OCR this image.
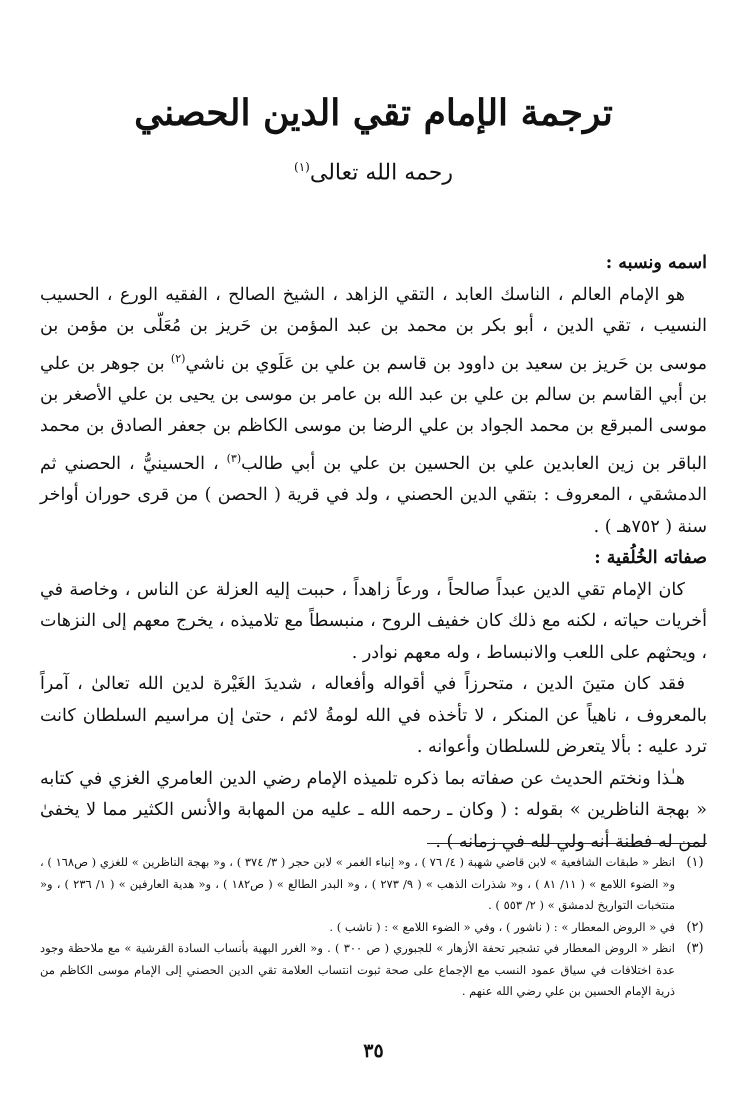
ترجمة الإمام تقي الدين الحصني
رحمه الله تعالى$^{(١)}$
اسمه ونسبه :

هو الإمام العالم ، الناسك العابد ، التقي الزاهد ، الشيخ الصالح ، الفقيه الورع ، الحسيب النسيب ، تقي الدين ، أبو بكر بن محمد بن عبد المؤمن بن حَريز بن مُعَلّى بن مؤمن بن موسى بن حَريز بن سعيد بن داوود بن قاسم بن علي بن عَلَوي بن ناشي$^{(٢)}$ بن جوهر بن علي بن أبي القاسم بن سالم بن علي بن عبد الله بن عامر بن موسى بن يحيى بن علي الأصغر بن موسى المبرقع بن محمد الجواد بن علي الرضا بن موسى الكاظم بن جعفر الصادق بن محمد الباقر بن زين العابدين علي بن الحسين بن علي بن أبي طالب$^{(٣)}$ ، الحسينيُّ ، الحصني ثم الدمشقي ، المعروف : بتقي الدين الحصني ، ولد في قرية ( الحصن ) من قرى حوران أواخر سنة ( ٧٥٢هـ ) .

صفاته الخُلُقية :

كان الإمام تقي الدين عبداً صالحاً ، ورعاً زاهداً ، حببت إليه العزلة عن الناس ، وخاصة في أخريات حياته ، لكنه مع ذلك كان خفيف الروح ، منبسطاً مع تلاميذه ، يخرج معهم إلى النزهات ، ويحثهم على اللعب والانبساط ، وله معهم نوادر .

فقد كان متينَ الدين ، متحرزاً في أقواله وأفعاله ، شديدَ الغَيْرة لدين الله تعالىٰ ، آمراً بالمعروف ، ناهياً عن المنكر ، لا تأخذه في الله لومةُ لائم ، حتىٰ إن مراسيم السلطان كانت ترد عليه : بألا يتعرض للسلطان وأعوانه .

هـٰذا ونختم الحديث عن صفاته بما ذكره تلميذه الإمام رضي الدين العامري الغزي في كتابه « بهجة الناظرين » بقوله : ( وكان ـ رحمه الله ـ عليه من المهابة والأنس الكثير مما لا يخفىٰ لمن له فطنة أنه ولي لله في زمانه ) .

(١)
انظر « طبقات الشافعية » لابن قاضي شهبة ( ٤/ ٧٦ ) ، و« إنباء الغمر » لابن حجر ( ٣/ ٣٧٤ ) ، و« بهجة الناظرين » للغزي ( ص١٦٨ ) ، و« الضوء اللامع » ( ١١/ ٨١ ) ، و« شذرات الذهب » ( ٩/ ٢٧٣ ) ، و« البدر الطالع » ( ص١٨٢ ) ، و« هدية العارفين » ( ١/ ٢٣٦ ) ، و« منتخبات التواريخ لدمشق » ( ٢/ ٥٥٣ ) .
(٢)
في « الروض المعطار » : ( ناشور ) ، وفي « الضوء اللامع » : ( ناشب ) .
(٣)
انظر « الروض المعطار في تشجير تحفة الأزهار » للجبوري ( ص ٣٠٠ ) . و« الغرر البهية بأنساب السادة القرشية » مع ملاحظة وجود عدة اختلافات في سياق عمود النسب مع الإجماع على صحة ثبوت انتساب العلامة تقي الدين الحصني إلى الإمام موسى الكاظم من ذرية الإمام الحسين بن علي رضي الله عنهم .
٣٥
